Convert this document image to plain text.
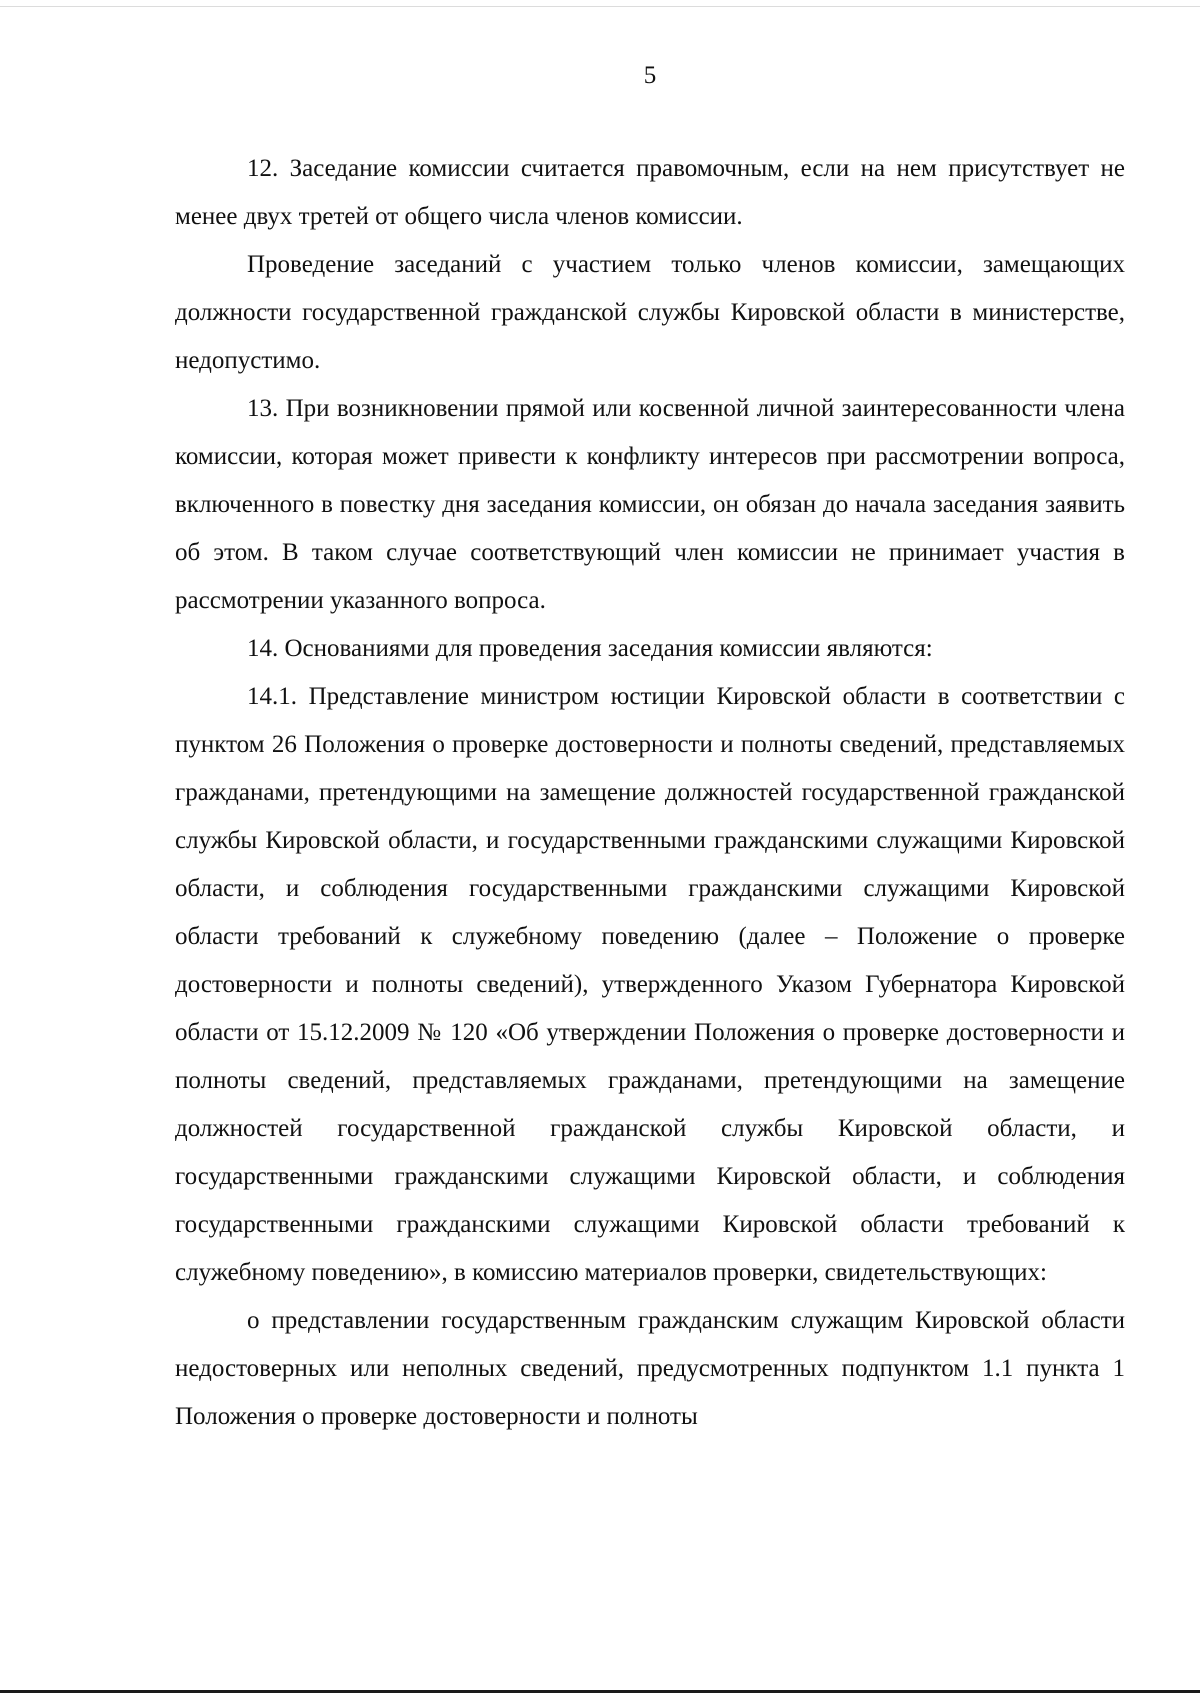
5

12. Заседание комиссии считается правомочным, если на нем присутствует не менее двух третей от общего числа членов комиссии.

Проведение заседаний с участием только членов комиссии, замещающих должности государственной гражданской службы Кировской области в министерстве, недопустимо.

13. При возникновении прямой или косвенной личной заинтересованности члена комиссии, которая может привести к конфликту интересов при рассмотрении вопроса, включенного в повестку дня заседания комиссии, он обязан до начала заседания заявить об этом. В таком случае соответствующий член комиссии не принимает участия в рассмотрении указанного вопроса.

14. Основаниями для проведения заседания комиссии являются:

14.1. Представление министром юстиции Кировской области в соответствии с пунктом 26 Положения о проверке достоверности и полноты сведений, представляемых гражданами, претендующими на замещение должностей государственной гражданской службы Кировской области, и государственными гражданскими служащими Кировской области, и соблюдения государственными гражданскими служащими Кировской области требований к служебному поведению (далее – Положение о проверке достоверности и полноты сведений), утвержденного Указом Губернатора Кировской области от 15.12.2009 № 120 «Об утверждении Положения о проверке достоверности и полноты сведений, представляемых гражданами, претендующими на замещение должностей государственной гражданской службы Кировской области, и государственными гражданскими служащими Кировской области, и соблюдения государственными гражданскими служащими Кировской области требований к служебному поведению», в комиссию материалов проверки, свидетельствующих:

о представлении государственным гражданским служащим Кировской области недостоверных или неполных сведений, предусмотренных подпунктом 1.1 пункта 1 Положения о проверке достоверности и полноты
